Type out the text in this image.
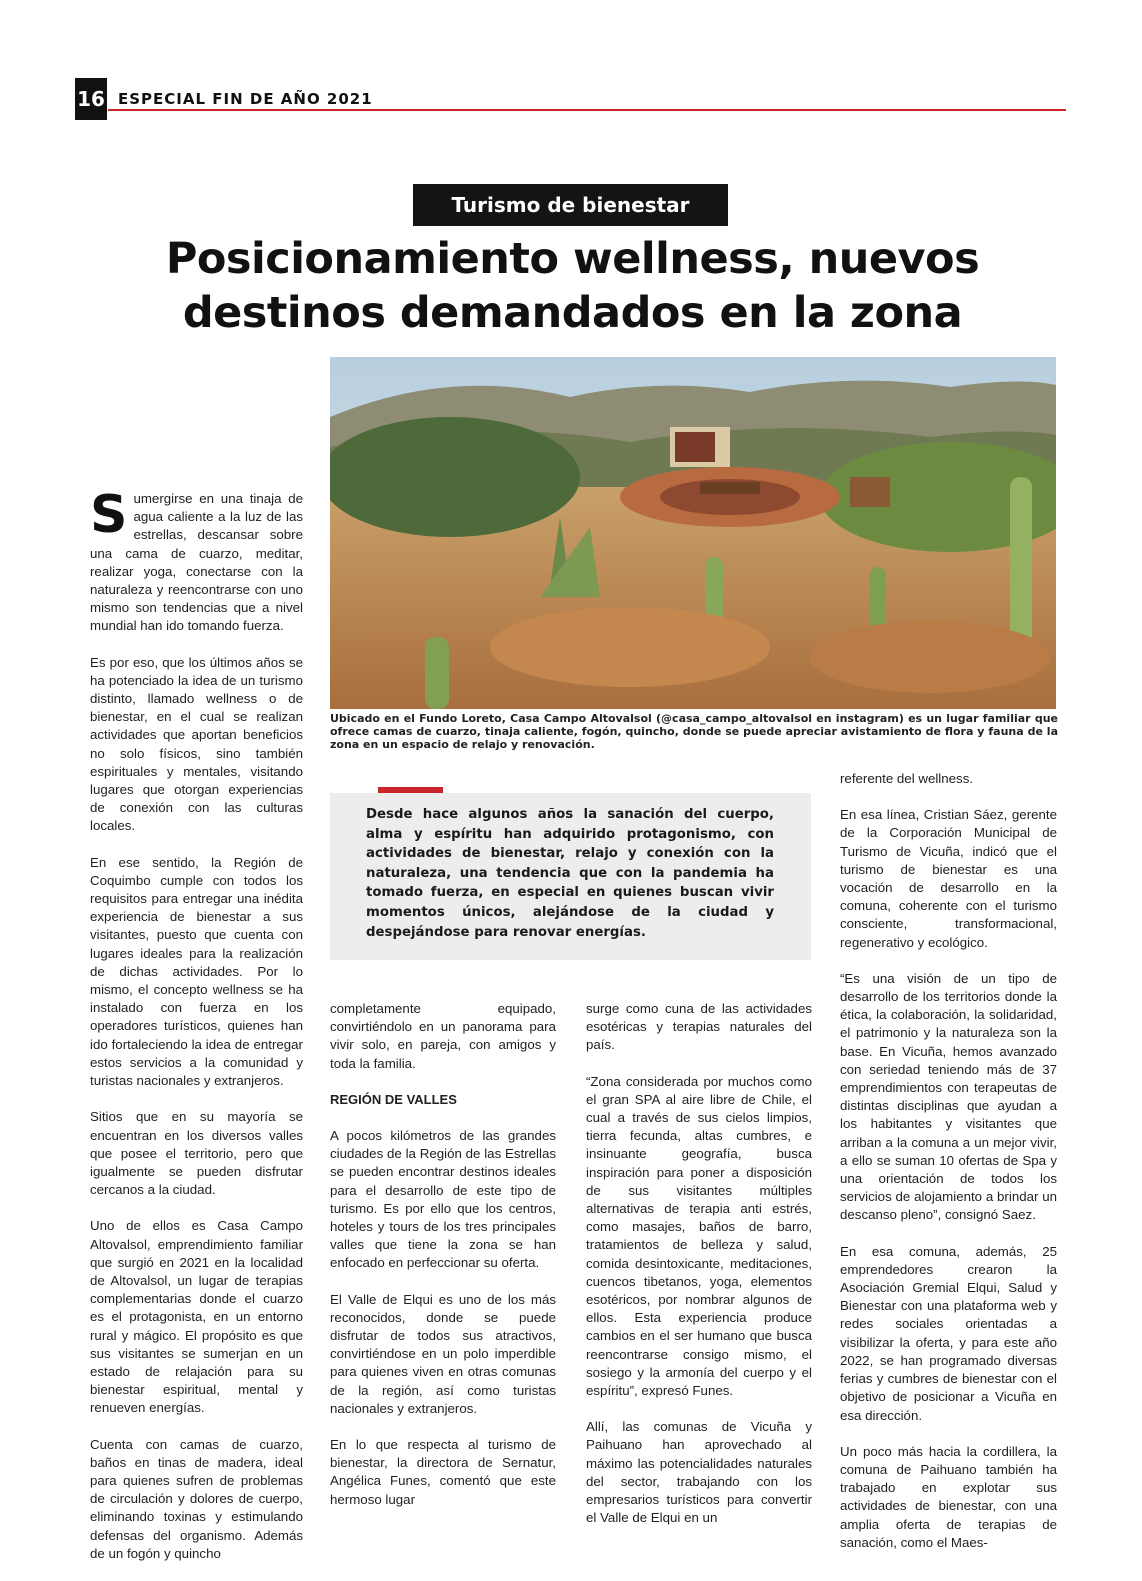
16 ESPECIAL FIN DE AÑO 2021
Turismo de bienestar
Posicionamiento wellness, nuevos destinos demandados en la zona

Ubicado en el Fundo Loreto, Casa Campo Altovalsol (@casa_campo_altovalsol en instagram) es un lugar familiar que ofrece camas de cuarzo, tinaja caliente, fogón, quincho, donde se puede apreciar avistamiento de flora y fauna de la zona en un espacio de relajo y renovación.

Sumergirse en una tinaja de agua caliente a la luz de las estrellas, descansar sobre una cama de cuarzo, meditar, realizar yoga, conectarse con la naturaleza y reencontrarse con uno mismo son tendencias que a nivel mundial han ido tomando fuerza.

Es por eso, que los últimos años se ha potenciado la idea de un turismo distinto, llamado wellness o de bienestar, en el cual se realizan actividades que aportan beneficios no solo físicos, sino también espirituales y mentales, visitando lugares que otorgan experiencias de conexión con las culturas locales.

En ese sentido, la Región de Coquimbo cumple con todos los requisitos para entregar una inédita experiencia de bienestar a sus visitantes, puesto que cuenta con lugares ideales para la realización de dichas actividades. Por lo mismo, el concepto wellness se ha instalado con fuerza en los operadores turísticos, quienes han ido fortaleciendo la idea de entregar estos servicios a la comunidad y turistas nacionales y extranjeros.

Sitios que en su mayoría se encuentran en los diversos valles que posee el territorio, pero que igualmente se pueden disfrutar cercanos a la ciudad.

Uno de ellos es Casa Campo Altovalsol, emprendimiento familiar que surgió en 2021 en la localidad de Altovalsol, un lugar de terapias complementarias donde el cuarzo es el protagonista, en un entorno rural y mágico. El propósito es que sus visitantes se sumerjan en un estado de relajación para su bienestar espiritual, mental y renueven energías.

Cuenta con camas de cuarzo, baños en tinas de madera, ideal para quienes sufren de problemas de circulación y dolores de cuerpo, eliminando toxinas y estimulando defensas del organismo. Además de un fogón y quincho

Desde hace algunos años la sanación del cuerpo, alma y espíritu han adquirido protagonismo, con actividades de bienestar, relajo y conexión con la naturaleza, una tendencia que con la pandemia ha tomado fuerza, en especial en quienes buscan vivir momentos únicos, alejándose de la ciudad y despejándose para renovar energías.

completamente equipado, convirtiéndolo en un panorama para vivir solo, en pareja, con amigos y toda la familia.

REGIÓN DE VALLES

A pocos kilómetros de las grandes ciudades de la Región de las Estrellas se pueden encontrar destinos ideales para el desarrollo de este tipo de turismo. Es por ello que los centros, hoteles y tours de los tres principales valles que tiene la zona se han enfocado en perfeccionar su oferta.

El Valle de Elqui es uno de los más reconocidos, donde se puede disfrutar de todos sus atractivos, convirtiéndose en un polo imperdible para quienes viven en otras comunas de la región, así como turistas nacionales y extranjeros.

En lo que respecta al turismo de bienestar, la directora de Sernatur, Angélica Funes, comentó que este hermoso lugar

surge como cuna de las actividades esotéricas y terapias naturales del país.

“Zona considerada por muchos como el gran SPA al aire libre de Chile, el cual a través de sus cielos limpios, tierra fecunda, altas cumbres, e insinuante geografía, busca inspiración para poner a disposición de sus visitantes múltiples alternativas de terapia anti estrés, como masajes, baños de barro, tratamientos de belleza y salud, comida desintoxicante, meditaciones, cuencos tibetanos, yoga, elementos esotéricos, por nombrar algunos de ellos. Esta experiencia produce cambios en el ser humano que busca reencontrarse consigo mismo, el sosiego y la armonía del cuerpo y el espíritu”, expresó Funes.

Allí, las comunas de Vicuña y Paihuano han aprovechado al máximo las potencialidades naturales del sector, trabajando con los empresarios turísticos para convertir el Valle de Elqui en un

referente del wellness.

En esa línea, Cristian Sáez, gerente de la Corporación Municipal de Turismo de Vicuña, indicó que el turismo de bienestar es una vocación de desarrollo en la comuna, coherente con el turismo consciente, transformacional, regenerativo y ecológico.

“Es una visión de un tipo de desarrollo de los territorios donde la ética, la colaboración, la solidaridad, el patrimonio y la naturaleza son la base. En Vicuña, hemos avanzado con seriedad teniendo más de 37 emprendimientos con terapeutas de distintas disciplinas que ayudan a los habitantes y visitantes que arriban a la comuna a un mejor vivir, a ello se suman 10 ofertas de Spa y una orientación de todos los servicios de alojamiento a brindar un descanso pleno”, consignó Saez.

En esa comuna, además, 25 emprendedores crearon la Asociación Gremial Elqui, Salud y Bienestar con una plataforma web y redes sociales orientadas a visibilizar la oferta, y para este año 2022, se han programado diversas ferias y cumbres de bienestar con el objetivo de posicionar a Vicuña en esa dirección.

Un poco más hacia la cordillera, la comuna de Paihuano también ha trabajado en explotar sus actividades de bienestar, con una amplia oferta de terapias de sanación, como el Maes-
